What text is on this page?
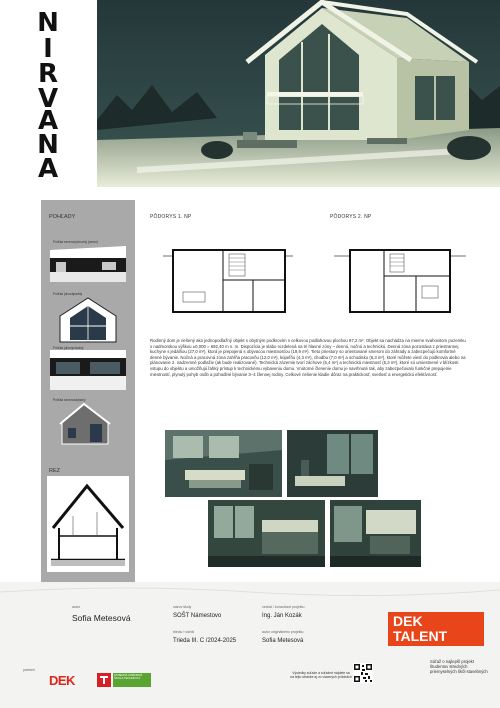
N
I
R
V
A
N
A
POHĽADY
Pohľad severovýchodný (sever)
Pohľad juhozápadný
Pohľad juhovýchodný
Pohľad severozápadný
REZ
PÔDORYS 1. NP	PÔDORYS 2. NP
Rodinný dom je riešený ako jednopodlažný objekt s obytným podkrovím s celkovou podlahovou plochou 87,2 m². Objekt sa nachádza na mierne svahovitom pozemku s nadmorskou výškou ±0,000 = 692,40 m n. m. Dispozícia je slabo rozdelená na tri hlavné zóny – dennú, nočnú a technickú. Denná zóna pozostáva z priestrannej kuchyne s jedálňou (27,0 m²), ktorá je prepojená s obývacou miestnosťou (19,9 m²). Tieto priestory so orientované smerom do záhrady a zabezpečujú komfortné denné bývanie. Nočná a pracovná zóna zahŕňa pracovňu (12,0 m²), kúpeľňu (4,3 m²), chodbu (7,0 m²) a schodisko (6,3 m²), ktoré môžete viesť do podkrovia alebo na plánovanie 2. nadzemné podlažie (ak bude realizované). Technická zázemie tvorí záchove (5,4 m²) a technická miestnosť (5,3 m²), ktoré sú umiestnené v blízkosti vstupu do objektu a umožňujú ľahký prístup k technickému vybaveniu domu. Vnútorné členenie domu je navrhnuté tak, aby zabezpečovalo funkčné prepojenie miestností, plynulý pohyb osôb a pohodlné bývanie 3–4 člennej rodiny. Celkové riešenie kladie dôraz na praktickosť, svetlosť a energetickú efektívnosť.
autor
Sofia Metesová
názov školy
SOŠT Námestovo
trieda / ročník
Trieda III. C /2024-2025
vedúci / konzultant projektu
Ing. Ján Kozák
autor originálneho projektu
Sofia Metesová
partneri
DEK	STREDNÁ ODBORNÁ ŠKOLA TECHNICKÁ
Výsledky súťaže a súťažné nájdete sa na tejto stránke aj vo viacerých prílohách
DEK
TALENT
Súťaž o najlepší projekt študentov stredných priemyselných škôl stavebných
